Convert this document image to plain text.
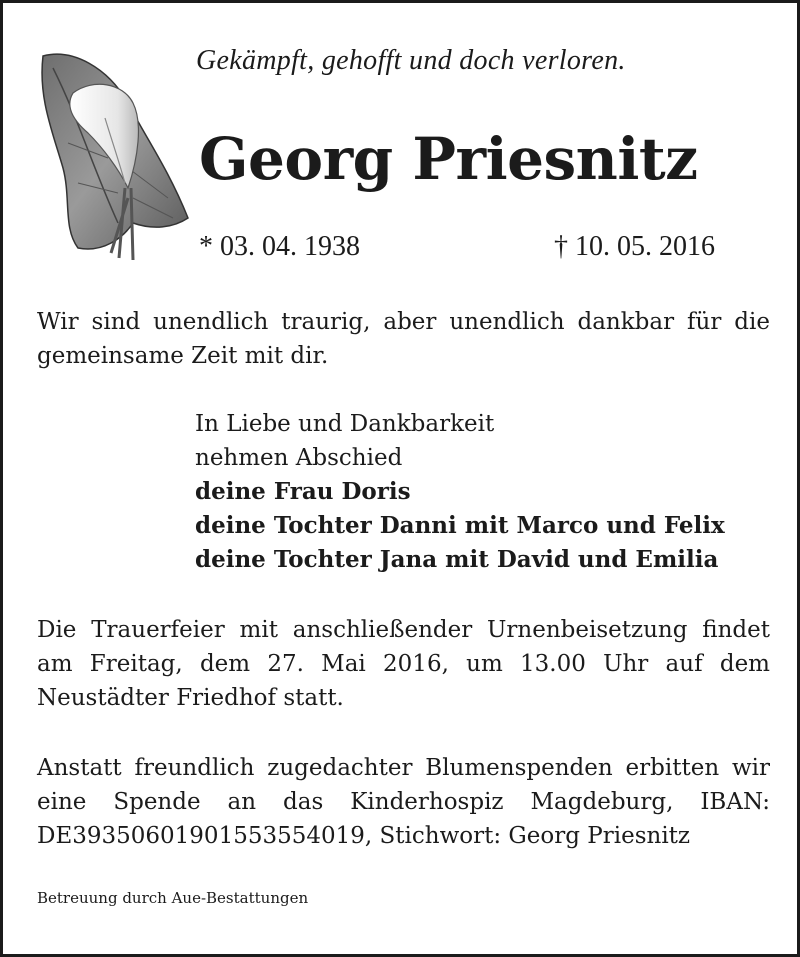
Gekämpft, gehofft und doch verloren.
Georg Priesnitz
* 03. 04. 1938	† 10. 05. 2016
Wir sind unendlich traurig, aber unendlich dankbar für die gemeinsame Zeit mit dir.
In Liebe und Dankbarkeit
nehmen Abschied
deine Frau Doris
deine Tochter Danni mit Marco und Felix
deine Tochter Jana mit David und Emilia
Die Trauerfeier mit anschließender Urnenbeisetzung findet am Freitag, dem 27. Mai 2016, um 13.00 Uhr auf dem Neustädter Friedhof statt.
Anstatt freundlich zugedachter Blumenspenden erbitten wir eine Spende an das Kinderhospiz Magdeburg, IBAN: DE39350601901553554019, Stichwort: Georg Priesnitz
Betreuung durch Aue-Bestattungen
